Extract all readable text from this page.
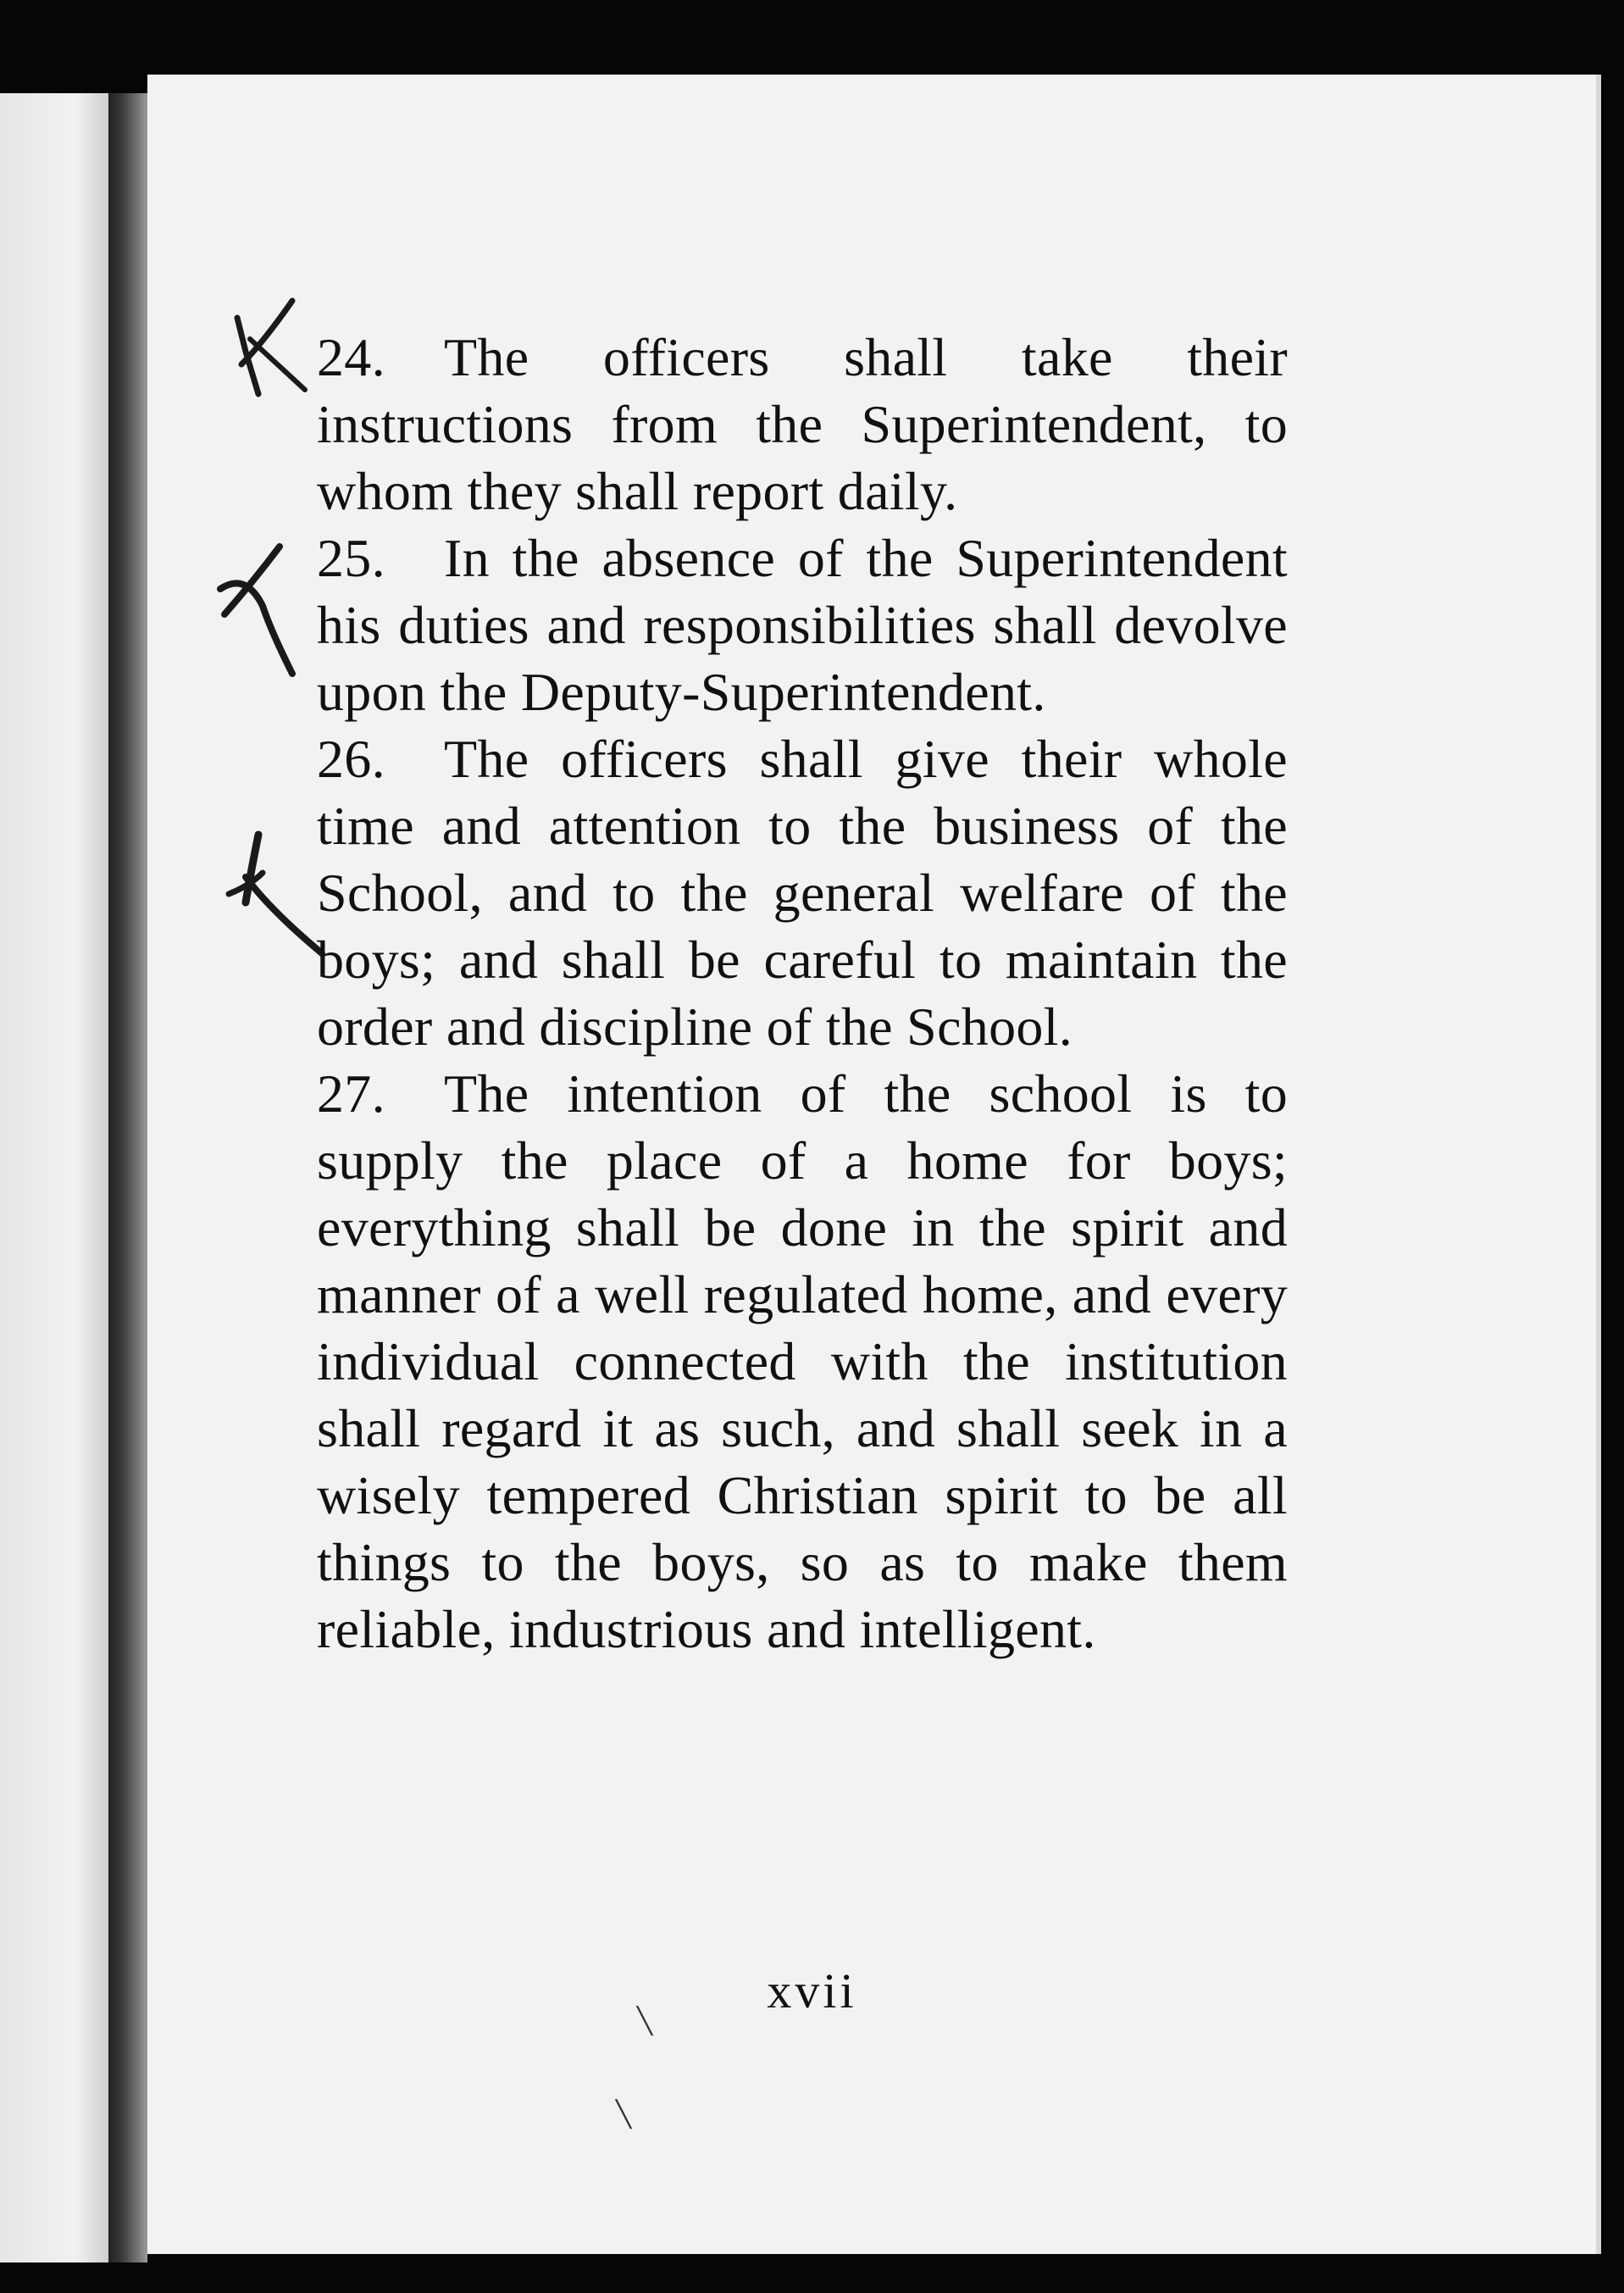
24. The officers shall take their instructions from the Superintendent, to whom they shall report daily.

25. In the absence of the Superintendent his duties and responsibilities shall devolve upon the Deputy-Superintendent.

26. The officers shall give their whole time and attention to the business of the School, and to the general welfare of the boys; and shall be careful to maintain the order and discipline of the School.

27. The intention of the school is to supply the place of a home for boys; everything shall be done in the spirit and manner of a well regulated home, and every individual connected with the institution shall regard it as such, and shall seek in a wisely tempered Christian spirit to be all things to the boys, so as to make them reliable, industrious and intelligent.

xvii
╲
╲
